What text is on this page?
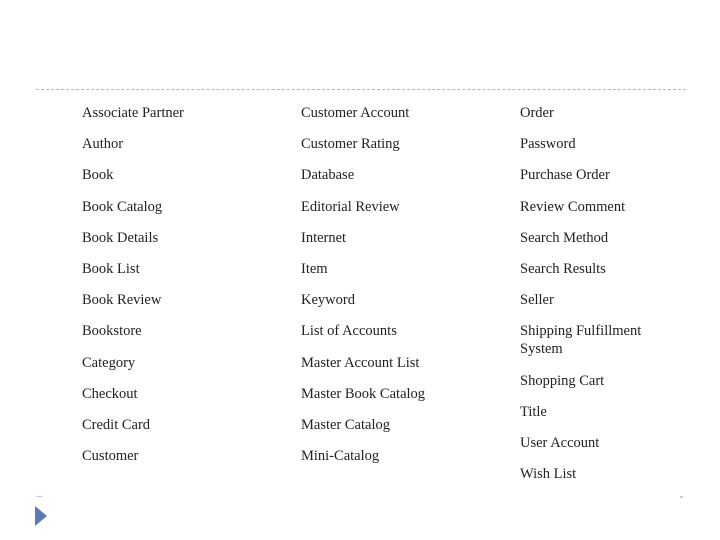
Associate Partner
Author
Book
Book Catalog
Book Details
Book List
Book Review
Bookstore
Category
Checkout
Credit Card
Customer
Customer Account
Customer Rating
Database
Editorial Review
Internet
Item
Keyword
List of Accounts
Master Account List
Master Book Catalog
Master Catalog
Mini-Catalog
Order
Password
Purchase Order
Review Comment
Search Method
Search Results
Seller
Shipping Fulfillment System
Shopping Cart
Title
User Account
Wish List
